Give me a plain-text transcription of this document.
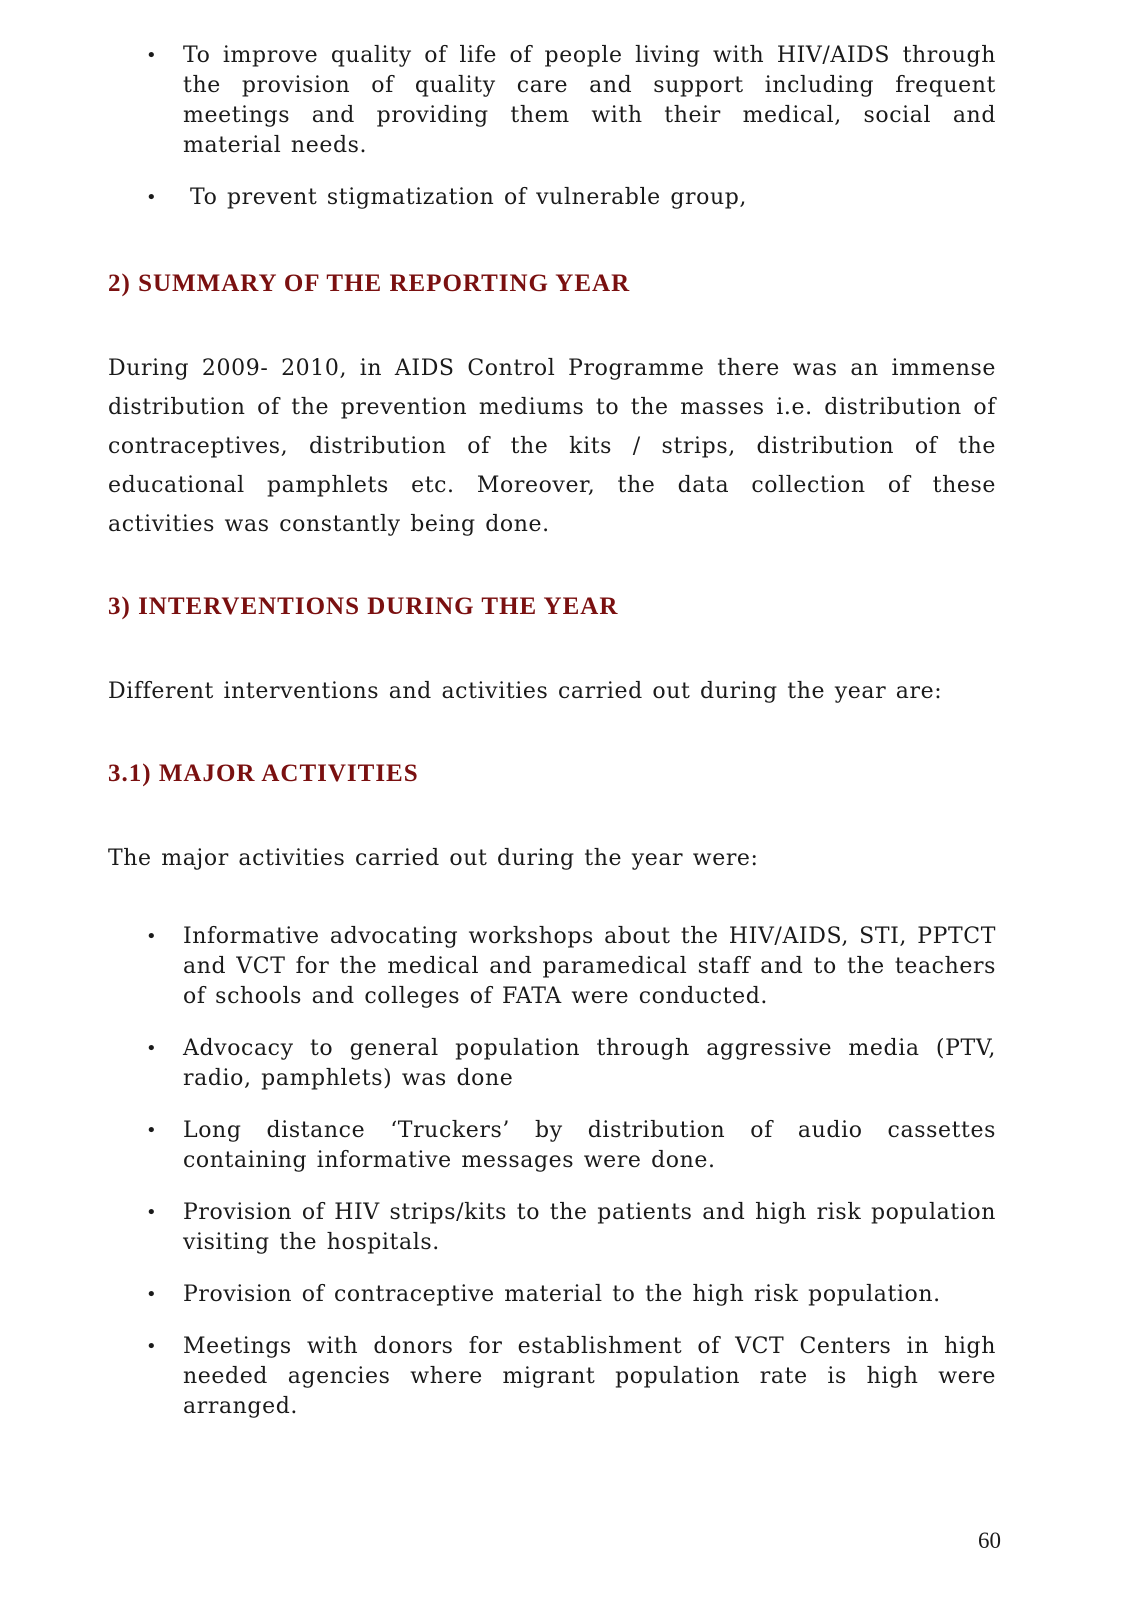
• To improve quality of life of people living with HIV/AIDS through the provision of quality care and support including frequent meetings and providing them with their medical, social and material needs.
• To prevent stigmatization of vulnerable group,
2) SUMMARY OF THE REPORTING YEAR
During 2009- 2010, in AIDS Control Programme there was an immense distribution of the prevention mediums to the masses i.e. distribution of contraceptives, distribution of the kits / strips, distribution of the educational pamphlets etc. Moreover, the data collection of these activities was constantly being done.
3) INTERVENTIONS DURING THE YEAR
Different interventions and activities carried out during the year are:
3.1) MAJOR ACTIVITIES
The major activities carried out during the year were:
• Informative advocating workshops about the HIV/AIDS, STI, PPTCT and VCT for the medical and paramedical staff and to the teachers of schools and colleges of FATA were conducted.
• Advocacy to general population through aggressive media (PTV, radio, pamphlets) was done
• Long distance ‘Truckers’ by distribution of audio cassettes containing informative messages were done.
• Provision of HIV strips/kits to the patients and high risk population visiting the hospitals.
• Provision of contraceptive material to the high risk population.
• Meetings with donors for establishment of VCT Centers in high needed agencies where migrant population rate is high were arranged.
60
